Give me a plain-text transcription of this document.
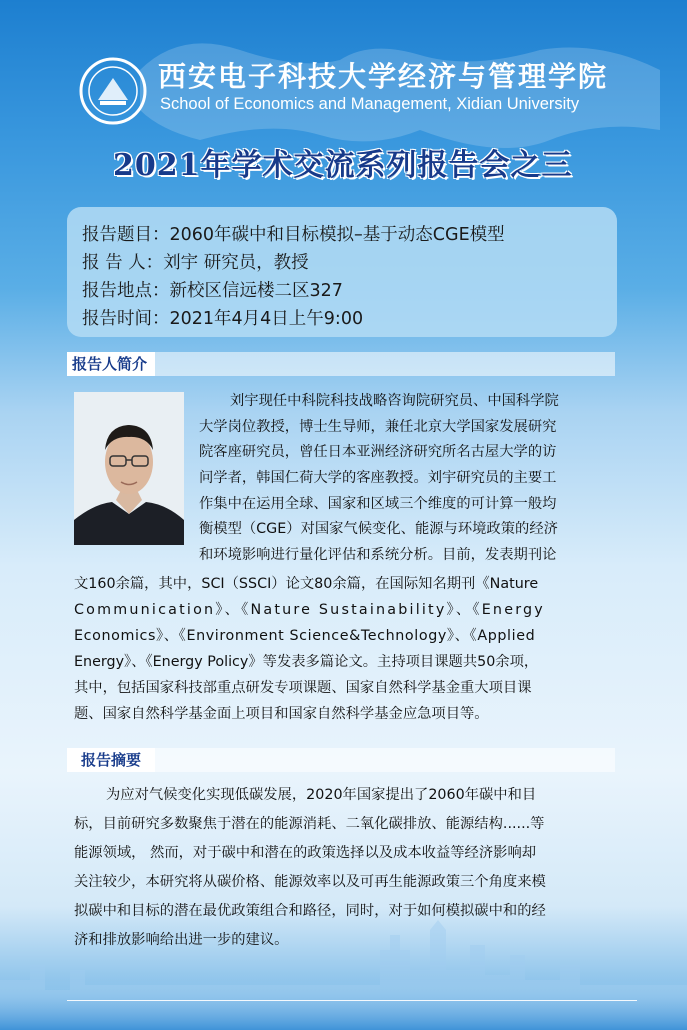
西安电子科技大学经济与管理学院
School of Economics and Management, Xidian University
2021年学术交流系列报告会之三
报告题目：2060年碳中和目标模拟–基于动态CGE模型
报 告 人：刘宇 研究员，教授
报告地点：新校区信远楼二区327
报告时间：2021年4月4日上午9:00
报告人简介
刘宇现任中科院科技战略咨询院研究员、中国科学院
大学岗位教授，博士生导师，兼任北京大学国家发展研究
院客座研究员，曾任日本亚洲经济研究所名古屋大学的访
问学者，韩国仁荷大学的客座教授。刘宇研究员的主要工
作集中在运用全球、国家和区域三个维度的可计算一般均
衡模型（CGE）对国家气候变化、能源与环境政策的经济
和环境影响进行量化评估和系统分析。目前，发表期刊论
文160余篇，其中，SCI（SSCI）论文80余篇，在国际知名期刊《Nature
Communication》、《Nature Sustainability》、《Energy
Economics》、《Environment Science&Technology》、《Applied
Energy》、《Energy Policy》等发表多篇论文。主持项目课题共50余项，
其中，包括国家科技部重点研发专项课题、国家自然科学基金重大项目课
题、国家自然科学基金面上项目和国家自然科学基金应急项目等。
报告摘要
为应对气候变化实现低碳发展，2020年国家提出了2060年碳中和目
标，目前研究多数聚焦于潜在的能源消耗、二氧化碳排放、能源结构......等
能源领域， 然而，对于碳中和潜在的政策选择以及成本收益等经济影响却
关注较少，本研究将从碳价格、能源效率以及可再生能源政策三个角度来模
拟碳中和目标的潜在最优政策组合和路径，同时，对于如何模拟碳中和的经
济和排放影响给出进一步的建议。
